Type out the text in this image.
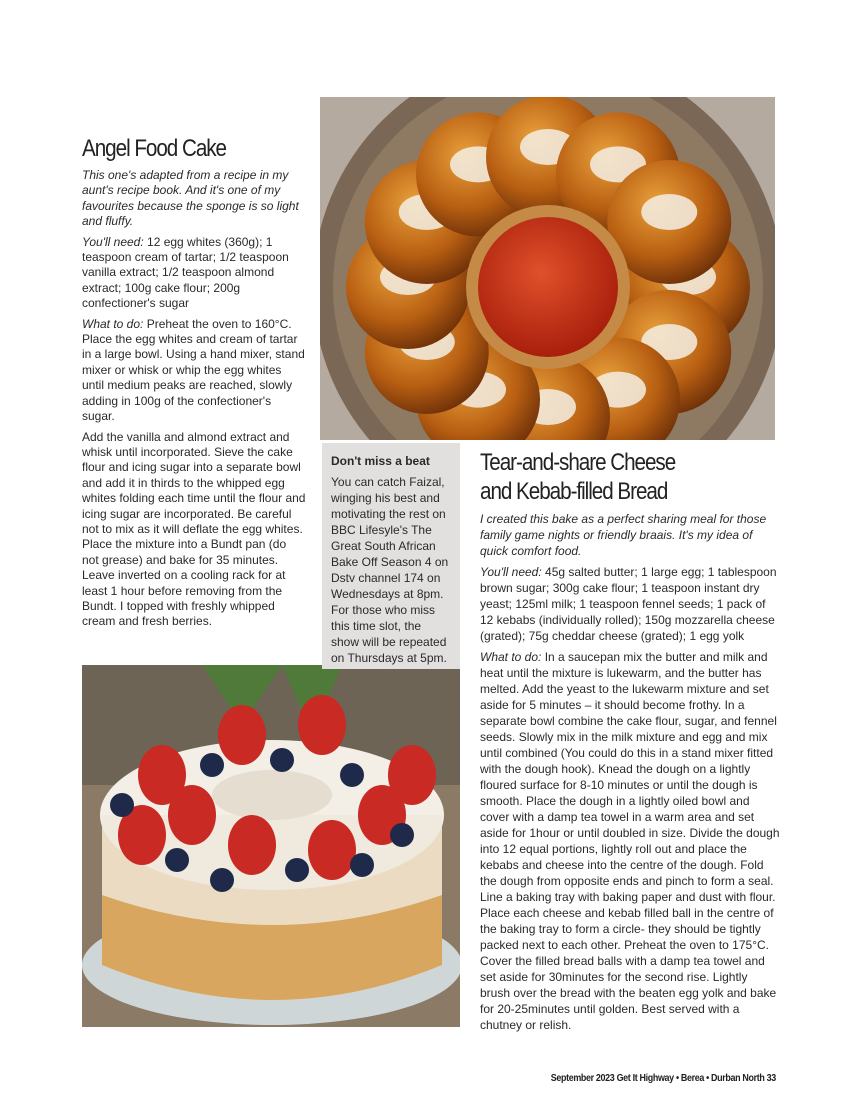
Angel Food Cake

This one's adapted from a recipe in my aunt's recipe book. And it's one of my favourites because the sponge is so light and fluffy.

You'll need: 12 egg whites (360g); 1 teaspoon cream of tartar; 1/2 teaspoon vanilla extract; 1/2 teaspoon almond extract; 100g cake flour; 200g confectioner's sugar

What to do: Preheat the oven to 160°C. Place the egg whites and cream of tartar in a large bowl. Using a hand mixer, stand mixer or whisk or whip the egg whites until medium peaks are reached, slowly adding in 100g of the confectioner's sugar.

Add the vanilla and almond extract and whisk until incorporated. Sieve the cake flour and icing sugar into a separate bowl and add it in thirds to the whipped egg whites folding each time until the flour and icing sugar are incorporated. Be careful not to mix as it will deflate the egg whites.

Place the mixture into a Bundt pan (do not grease) and bake for 35 minutes. Leave inverted on a cooling rack for at least 1 hour before removing from the Bundt. I topped with freshly whipped cream and fresh berries.

Don't miss a beat
You can catch Faizal, winging his best and motivating the rest on BBC Lifesyle's The Great South African Bake Off Season 4 on Dstv channel 174 on Wednesdays at 8pm. For those who miss this time slot, the show will be repeated on Thursdays at 5pm.
Tear-and-share Cheese
and Kebab-filled Bread

I created this bake as a perfect sharing meal for those family game nights or friendly braais. It's my idea of quick comfort food.

You'll need: 45g salted butter; 1 large egg; 1 tablespoon brown sugar; 300g cake flour; 1 teaspoon instant dry yeast; 125ml milk; 1 teaspoon fennel seeds; 1 pack of 12 kebabs (individually rolled); 150g mozzarella cheese (grated); 75g cheddar cheese (grated); 1 egg yolk

What to do: In a saucepan mix the butter and milk and heat until the mixture is lukewarm, and the butter has melted. Add the yeast to the lukewarm mixture and set aside for 5 minutes – it should become frothy. In a separate bowl combine the cake flour, sugar, and fennel seeds. Slowly mix in the milk mixture and egg and mix until combined (You could do this in a stand mixer fitted with the dough hook). Knead the dough on a lightly floured surface for 8-10 minutes or until the dough is smooth. Place the dough in a lightly oiled bowl and cover with a damp tea towel in a warm area and set aside for 1hour or until doubled in size. Divide the dough into 12 equal portions, lightly roll out and place the kebabs and cheese into the centre of the dough. Fold the dough from opposite ends and pinch to form a seal. Line a baking tray with baking paper and dust with flour. Place each cheese and kebab filled ball in the centre of the baking tray to form a circle- they should be tightly packed next to each other. Preheat the oven to 175°C. Cover the filled bread balls with a damp tea towel and set aside for 30minutes for the second rise. Lightly brush over the bread with the beaten egg yolk and bake for 20-25minutes until golden. Best served with a chutney or relish.

September 2023 Get It Highway • Berea • Durban North 33
